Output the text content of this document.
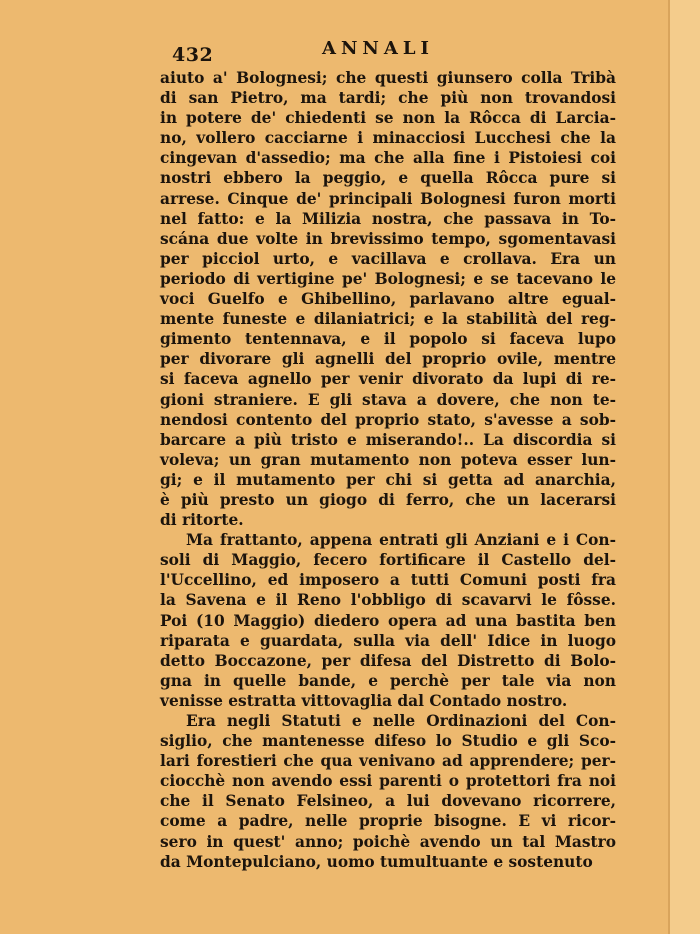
432	ANNALI
aiuto a' Bolognesi; che questi giunsero colla Tribà
di san Pietro, ma tardi; che più non trovandosi
in potere de' chiedenti se non la Rôcca di Larcia-
no, vollero cacciarne i minacciosi Lucchesi che la
cingevan d'assedio; ma che alla fine i Pistoiesi coi
nostri ebbero la peggio, e quella Rôcca pure si
arrese. Cinque de' principali Bolognesi furon morti
nel fatto: e la Milizia nostra, che passava in To-
scána due volte in brevissimo tempo, sgomentavasi
per picciol urto, e vacillava e crollava. Era un
periodo di vertigine pe' Bolognesi; e se tacevano le
voci Guelfo e Ghibellino, parlavano altre egual-
mente funeste e dilaniatrici; e la stabilità del reg-
gimento tentennava, e il popolo si faceva lupo
per divorare gli agnelli del proprio ovile, mentre
si faceva agnello per venir divorato da lupi di re-
gioni straniere. E gli stava a dovere, che non te-
nendosi contento del proprio stato, s'avesse a sob-
barcare a più tristo e miserando!.. La discordia si
voleva; un gran mutamento non poteva esser lun-
gi; e il mutamento per chi si getta ad anarchia,
è più presto un giogo di ferro, che un lacerarsi
di ritorte.
Ma frattanto, appena entrati gli Anziani e i Con-
soli di Maggio, fecero fortificare il Castello del-
l'Uccellino, ed imposero a tutti Comuni posti fra
la Savena e il Reno l'obbligo di scavarvi le fôsse.
Poi (10 Maggio) diedero opera ad una bastita ben
riparata e guardata, sulla via dell' Idice in luogo
detto Boccazone, per difesa del Distretto di Bolo-
gna in quelle bande, e perchè per tale via non
venisse estratta vittovaglia dal Contado nostro.
Era negli Statuti e nelle Ordinazioni del Con-
siglio, che mantenesse difeso lo Studio e gli Sco-
lari forestieri che qua venivano ad apprendere; per-
ciocchè non avendo essi parenti o protettori fra noi
che il Senato Felsineo, a lui dovevano ricorrere,
come a padre, nelle proprie bisogne. E vi ricor-
sero in quest' anno; poichè avendo un tal Mastro
da Montepulciano, uomo tumultuante e sostenuto
